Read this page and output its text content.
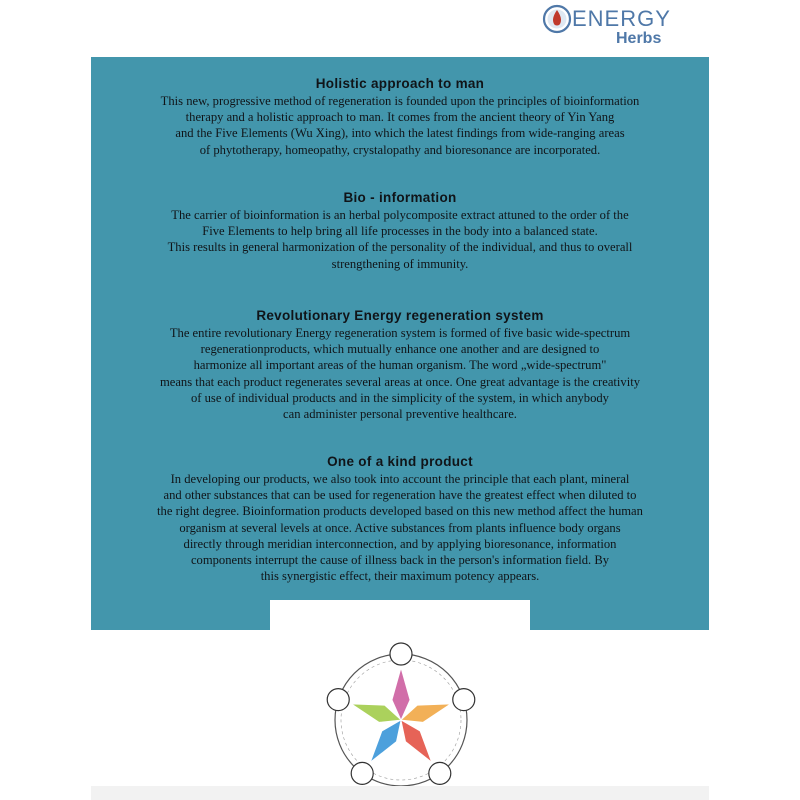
ENERGY
Herbs
Holistic approach to man
This new, progressive method of regeneration is founded upon the principles of bioinformation
therapy and a holistic approach to man. It comes from the ancient theory of Yin Yang
and the Five Elements (Wu Xing), into which the latest findings from wide-ranging areas
of phytotherapy, homeopathy, crystalopathy and bioresonance are incorporated.
Bio - information
The carrier of bioinformation is an herbal polycomposite extract attuned to the order of the
Five Elements to help bring all life processes in the body into a balanced state.
This results in general harmonization of the personality of the individual, and thus to overall
strengthening of immunity.
Revolutionary Energy regeneration system
The entire revolutionary Energy regeneration system is formed of five basic wide-spectrum
regenerationproducts, which mutually enhance one another and are designed to
harmonize all important areas of the human organism. The word „wide-spectrum"
means that each product regenerates several areas at once. One great advantage is the creativity
of use of individual products and in the simplicity of the system, in which anybody
can administer personal preventive healthcare.
One of a kind product
In developing our products, we also took into account the principle that each plant, mineral
and other substances that can be used for regeneration have the greatest effect when diluted to
the right degree. Bioinformation products developed based on this new method affect the human
organism at several levels at once. Active substances from plants influence body organs
directly through meridian interconnection, and by applying bioresonance, information
components interrupt the cause of illness back in the person's information field. By
this synergistic effect, their maximum potency appears.
